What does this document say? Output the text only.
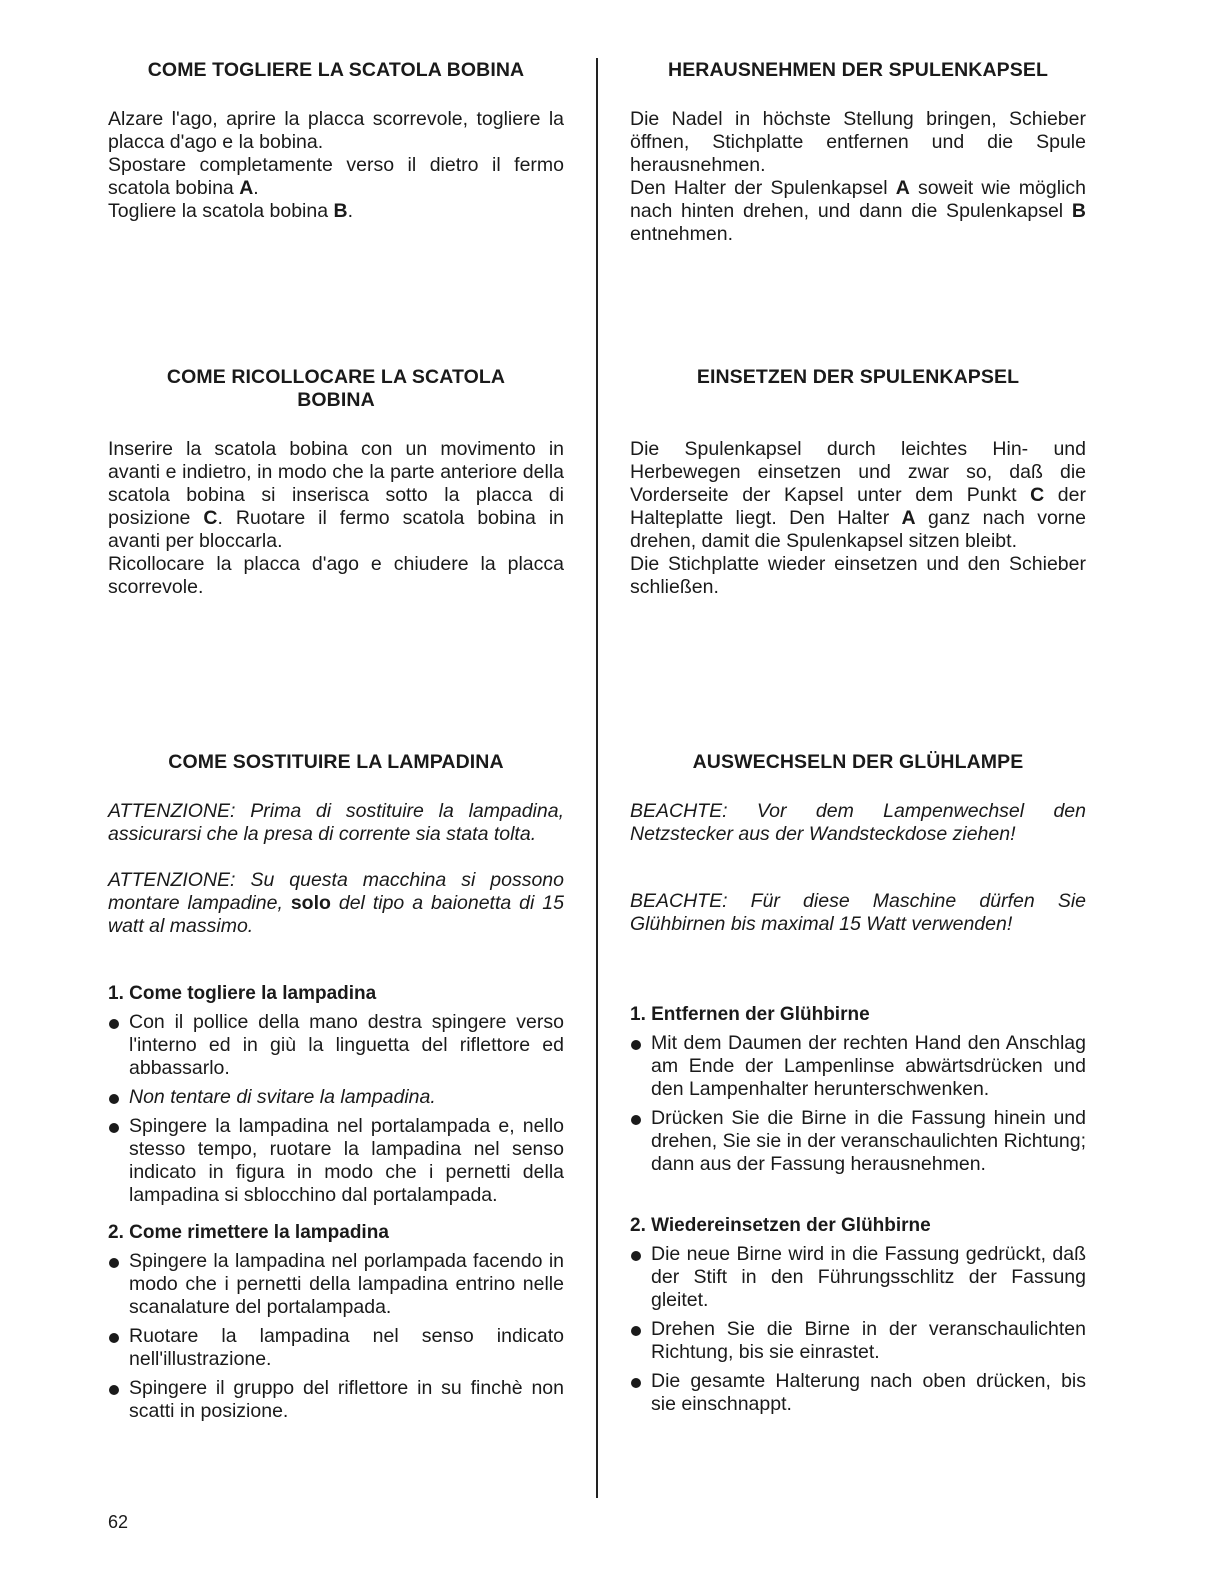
COME TOGLIERE LA SCATOLA BOBINA

Alzare l'ago, aprire la placca scorrevole, togliere la placca d'ago e la bobina.

Spostare completamente verso il dietro il fermo scatola bobina A.

Togliere la scatola bobina B.

COME RICOLLOCARE LA SCATOLA
BOBINA

Inserire la scatola bobina con un movimento in avanti e indietro, in modo che la parte anteriore della scatola bobina si inserisca sotto la placca di posizione C. Ruotare il fermo scatola bobina in avanti per bloccarla.

Ricollocare la placca d'ago e chiudere la placca scorrevole.

COME SOSTITUIRE LA LAMPADINA

ATTENZIONE: Prima di sostituire la lampadina, assicurarsi che la presa di corrente sia stata tolta.

ATTENZIONE: Su questa macchina si possono montare lampadine, solo del tipo a baionetta di 15 watt al massimo.

1. Come togliere la lampadina

Con il pollice della mano destra spingere verso l'interno ed in giù la linguetta del riflettore ed abbassarlo.
Non tentare di svitare la lampadina.
Spingere la lampadina nel portalampada e, nello stesso tempo, ruotare la lampadina nel senso indicato in figura in modo che i pernetti della lampadina si sblocchino dal portalampada.

2. Come rimettere la lampadina

Spingere la lampadina nel porlampada facendo in modo che i pernetti della lampadina entrino nelle scanalature del portalampada.
Ruotare la lampadina nel senso indicato nell'illustrazione.
Spingere il gruppo del riflettore in su finchè non scatti in posizione.
HERAUSNEHMEN DER SPULENKAPSEL

Die Nadel in höchste Stellung bringen, Schieber öffnen, Stichplatte entfernen und die Spule herausnehmen.

Den Halter der Spulenkapsel A soweit wie möglich nach hinten drehen, und dann die Spulenkapsel B entnehmen.

EINSETZEN DER SPULENKAPSEL

Die Spulenkapsel durch leichtes Hin- und Herbewegen einsetzen und zwar so, daß die Vorderseite der Kapsel unter dem Punkt C der Halteplatte liegt. Den Halter A ganz nach vorne drehen, damit die Spulenkapsel sitzen bleibt.

Die Stichplatte wieder einsetzen und den Schieber schließen.

AUSWECHSELN DER GLÜHLAMPE

BEACHTE: Vor dem Lampenwechsel den Netzstecker aus der Wandsteckdose ziehen!

BEACHTE: Für diese Maschine dürfen Sie Glühbirnen bis maximal 15 Watt verwenden!

1. Entfernen der Glühbirne

Mit dem Daumen der rechten Hand den Anschlag am Ende der Lampenlinse abwärtsdrücken und den Lampenhalter herunterschwenken.
Drücken Sie die Birne in die Fassung hinein und drehen, Sie sie in der veranschaulichten Richtung; dann aus der Fassung herausnehmen.

2. Wiedereinsetzen der Glühbirne

Die neue Birne wird in die Fassung gedrückt, daß der Stift in den Führungsschlitz der Fassung gleitet.
Drehen Sie die Birne in der veranschaulichten Richtung, bis sie einrastet.
Die gesamte Halterung nach oben drücken, bis sie einschnappt.
62
